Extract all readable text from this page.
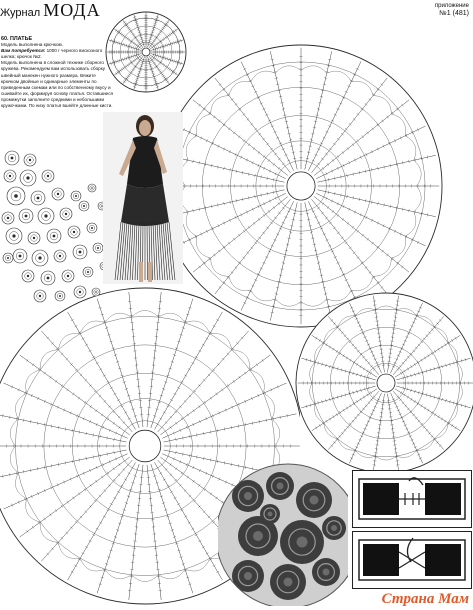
Журнал МОДА	приложение
№1 (481)

60. ПЛАТЬЕ

Модель выполнена крючком.

Вам потребуется: 1000 г черного вискозного шелка; крючок №2.

Модель выполнена в сложной технике сборного кружева. Рекомендуем вам использовать сборку швейный манекен нужного размера. Вяжите крючком двойные и одинарные элементы по приведенным схемам или по собственному вкусу и сшивайте их, формируя основу платья. Оставшиеся промежутки заполните средними и небольшими кружочками. По низу платья вшейте длинные кисти.

Страна Мам
